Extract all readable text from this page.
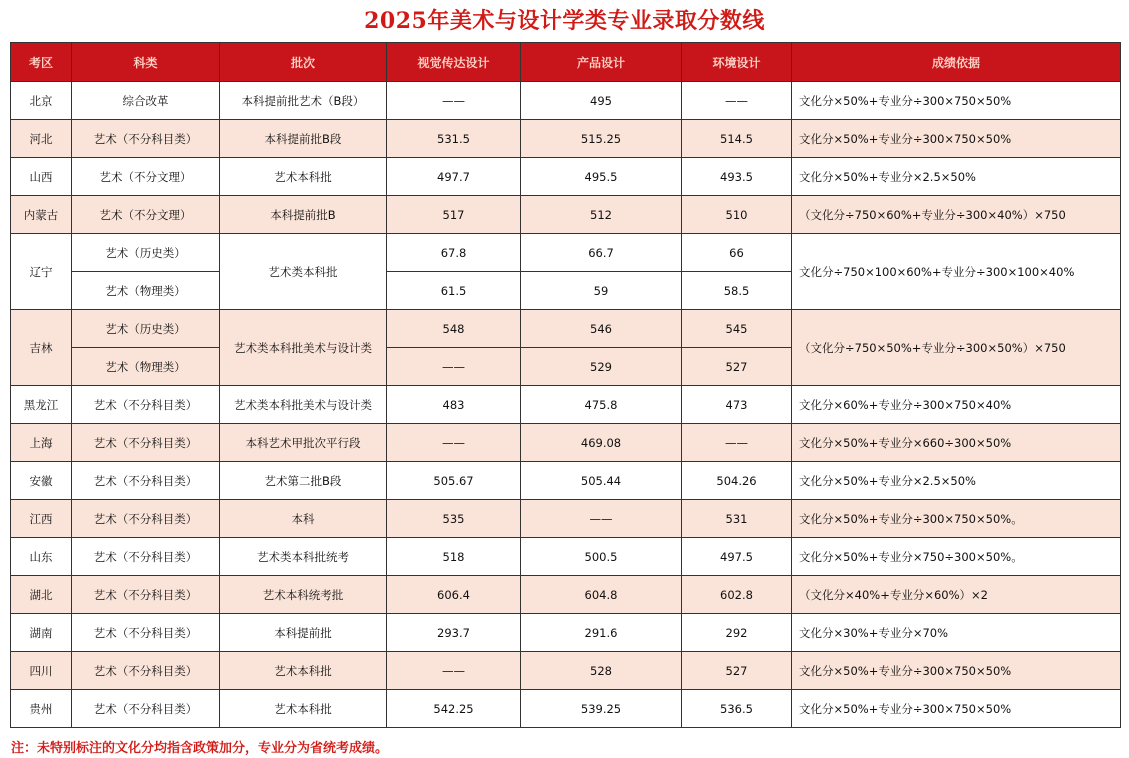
2025年美术与设计学类专业录取分数线
考区	科类	批次	视觉传达设计	产品设计	环境设计	成绩依据
北京	综合改革	本科提前批艺术（B段）	——	495	——	文化分×50%+专业分÷300×750×50%
河北	艺术（不分科目类）	本科提前批B段	531.5	515.25	514.5	文化分×50%+专业分÷300×750×50%
山西	艺术（不分文理）	艺术本科批	497.7	495.5	493.5	文化分×50%+专业分×2.5×50%
内蒙古	艺术（不分文理）	本科提前批B	517	512	510	（文化分÷750×60%+专业分÷300×40%）×750
辽宁	艺术（历史类）	艺术类本科批	67.8	66.7	66	文化分÷750×100×60%+专业分÷300×100×40%
	艺术（物理类）		61.5	59	58.5	
吉林	艺术（历史类）	艺术类本科批美术与设计类	548	546	545	（文化分÷750×50%+专业分÷300×50%）×750
	艺术（物理类）		——	529	527	
黑龙江	艺术（不分科目类）	艺术类本科批美术与设计类	483	475.8	473	文化分×60%+专业分÷300×750×40%
上海	艺术（不分科目类）	本科艺术甲批次平行段	——	469.08	——	文化分×50%+专业分×660÷300×50%
安徽	艺术（不分科目类）	艺术第二批B段	505.67	505.44	504.26	文化分×50%+专业分×2.5×50%
江西	艺术（不分科目类）	本科	535	——	531	文化分×50%+专业分÷300×750×50%。
山东	艺术（不分科目类）	艺术类本科批统考	518	500.5	497.5	文化分×50%+专业分×750÷300×50%。
湖北	艺术（不分科目类）	艺术本科统考批	606.4	604.8	602.8	（文化分×40%+专业分×60%）×2
湖南	艺术（不分科目类）	本科提前批	293.7	291.6	292	文化分×30%+专业分×70%
四川	艺术（不分科目类）	艺术本科批	——	528	527	文化分×50%+专业分÷300×750×50%
贵州	艺术（不分科目类）	艺术本科批	542.25	539.25	536.5	文化分×50%+专业分÷300×750×50%
注：未特别标注的文化分均指含政策加分，专业分为省统考成绩。
